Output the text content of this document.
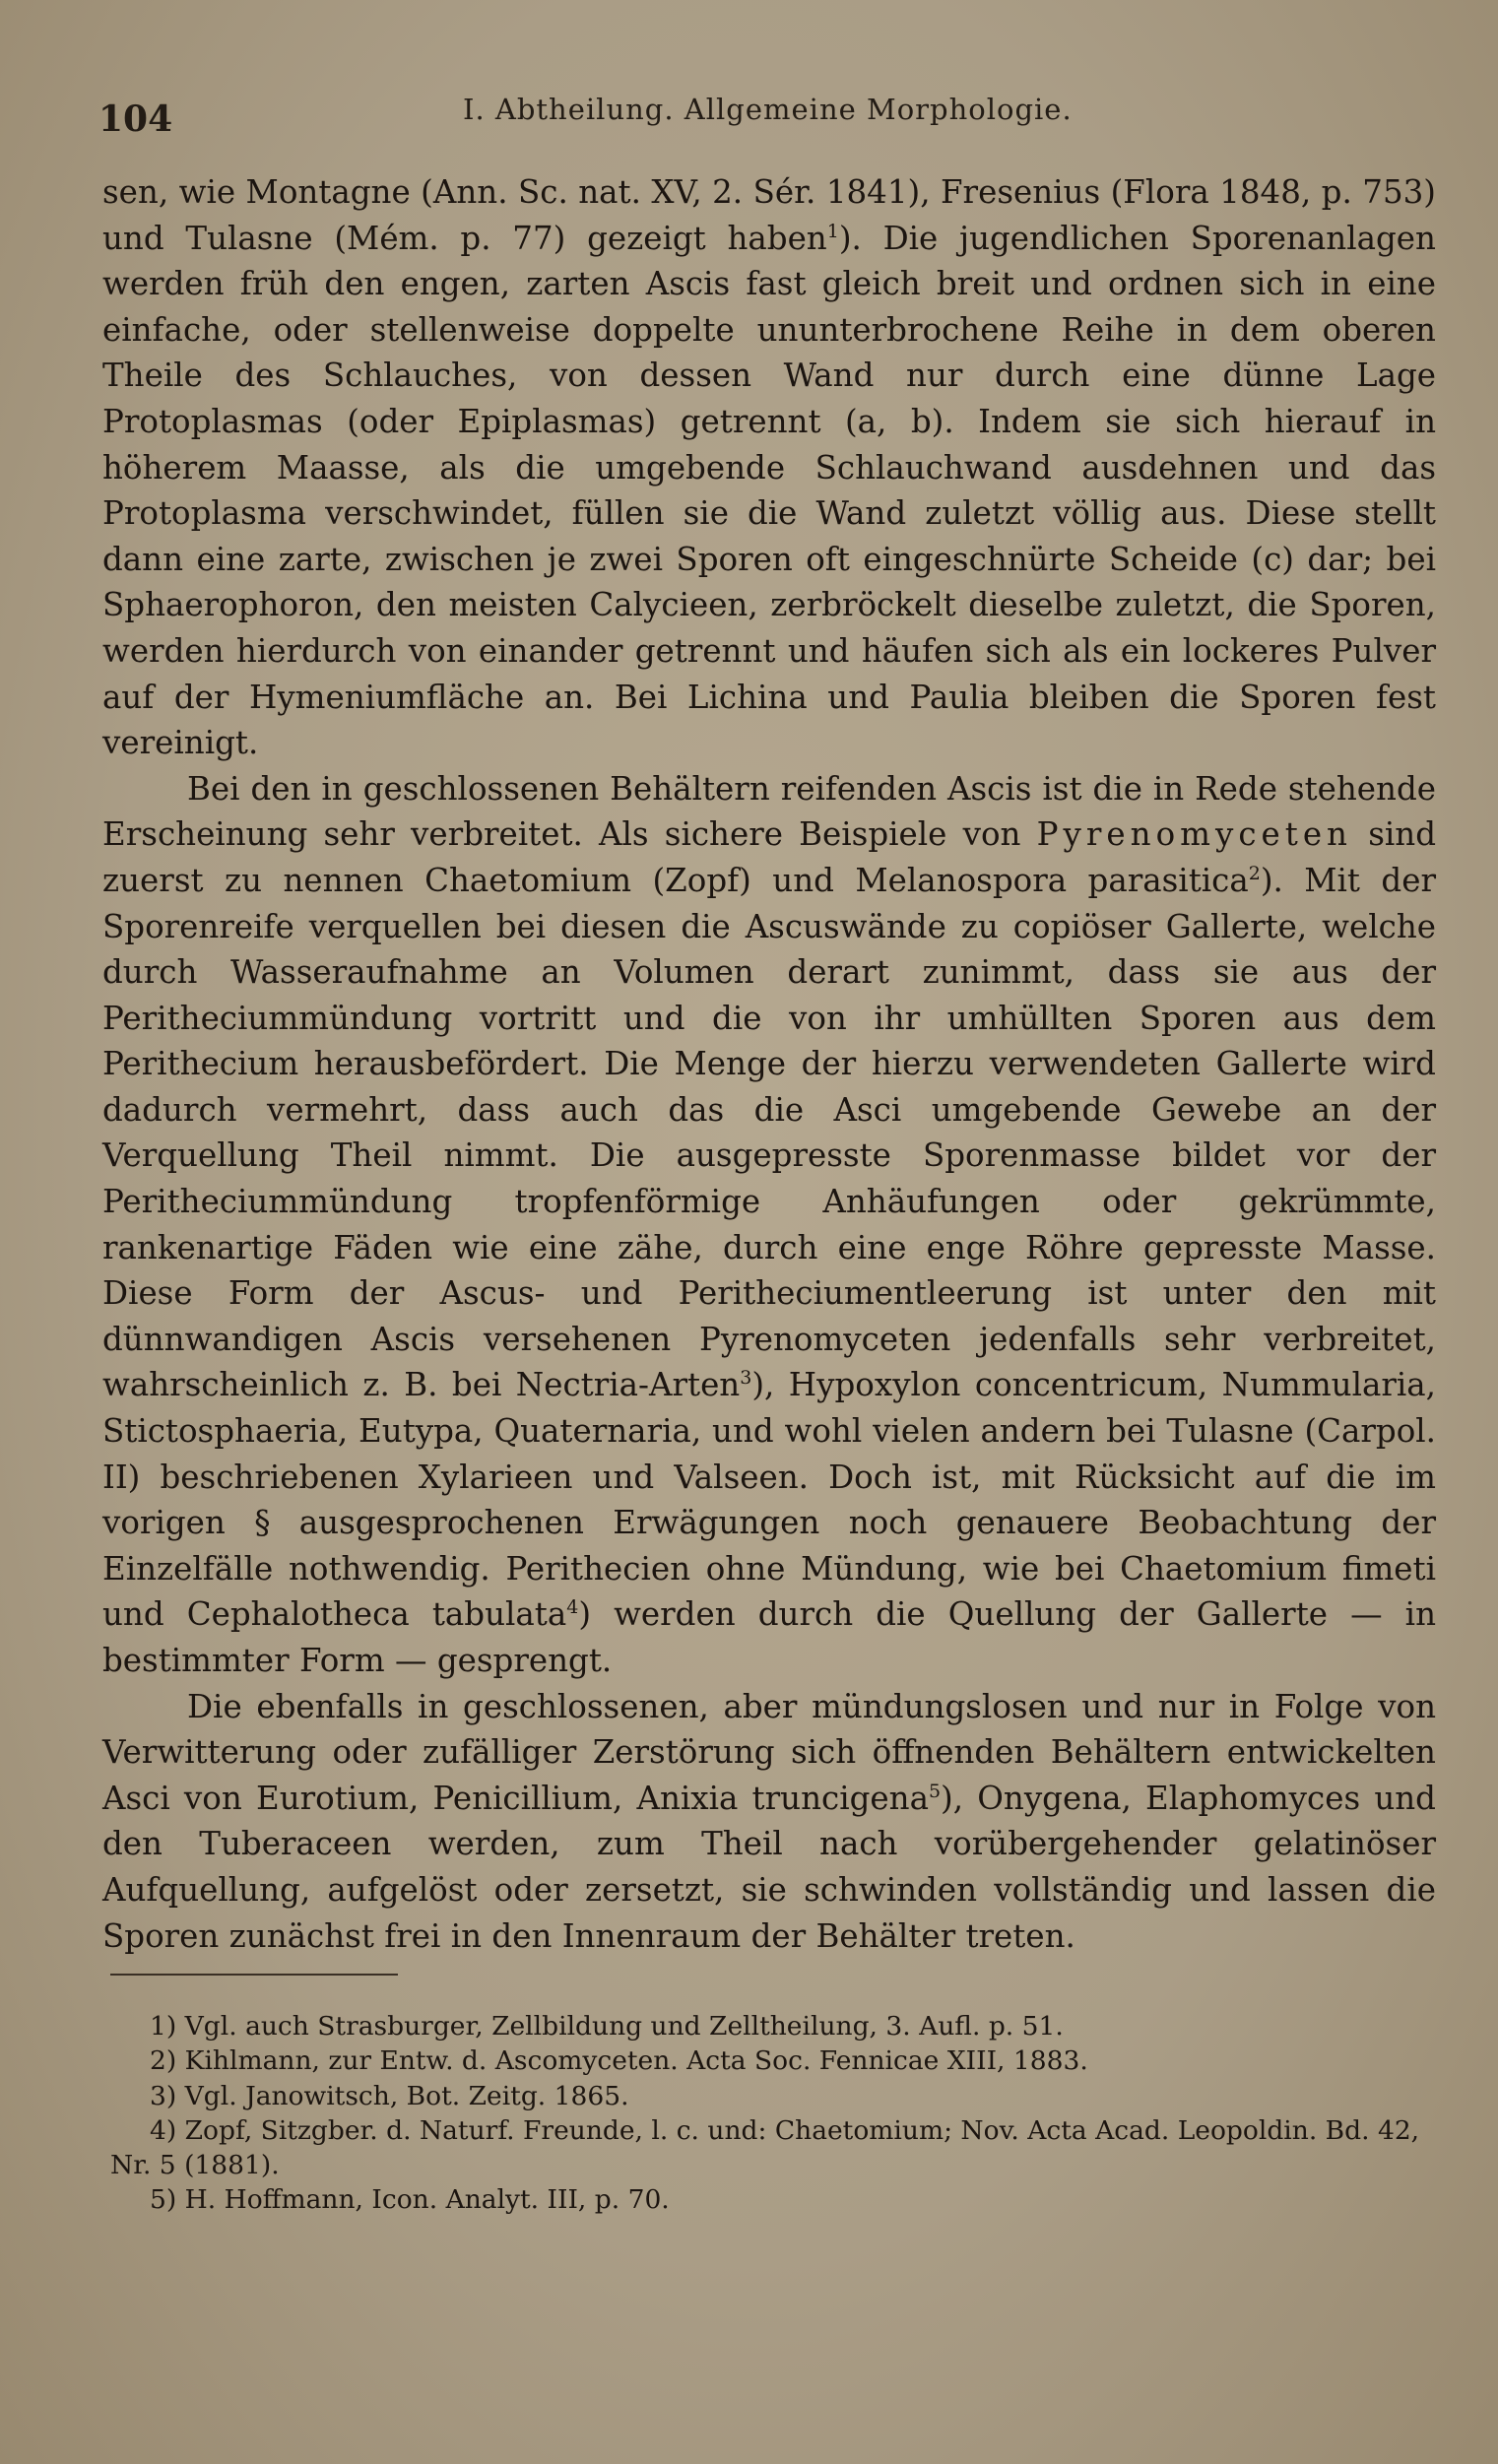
104	I. Abtheilung. Allgemeine Morphologie.

sen, wie Montagne (Ann. Sc. nat. XV, 2. Sér. 1841), Fresenius (Flora 1848, p. 753) und Tulasne (Mém. p. 77) gezeigt haben$^1$). Die jugendlichen Sporenanlagen werden früh den engen, zarten Ascis fast gleich breit und ordnen sich in eine einfache, oder stellenweise doppelte ununterbrochene Reihe in dem oberen Theile des Schlauches, von dessen Wand nur durch eine dünne Lage Protoplasmas (oder Epiplasmas) getrennt (a, b). Indem sie sich hierauf in höherem Maasse, als die umgebende Schlauchwand ausdehnen und das Protoplasma verschwindet, füllen sie die Wand zuletzt völlig aus. Diese stellt dann eine zarte, zwischen je zwei Sporen oft eingeschnürte Scheide (c) dar; bei Sphaerophoron, den meisten Calycieen, zerbröckelt dieselbe zuletzt, die Sporen, werden hierdurch von einander getrennt und häufen sich als ein lockeres Pulver auf der Hymeniumfläche an. Bei Lichina und Paulia bleiben die Sporen fest vereinigt.

Bei den in geschlossenen Behältern reifenden Ascis ist die in Rede stehende Erscheinung sehr verbreitet. Als sichere Beispiele von Pyrenomyceten sind zuerst zu nennen Chaetomium (Zopf) und Melanospora parasitica$^2$). Mit der Sporenreife verquellen bei diesen die Ascuswände zu copiöser Gallerte, welche durch Wasseraufnahme an Volumen derart zunimmt, dass sie aus der Peritheciummündung vortritt und die von ihr umhüllten Sporen aus dem Perithecium herausbefördert. Die Menge der hierzu verwendeten Gallerte wird dadurch vermehrt, dass auch das die Asci umgebende Gewebe an der Verquellung Theil nimmt. Die ausgepresste Sporenmasse bildet vor der Peritheciummündung tropfenförmige Anhäufungen oder gekrümmte, rankenartige Fäden wie eine zähe, durch eine enge Röhre gepresste Masse. Diese Form der Ascus- und Peritheciumentleerung ist unter den mit dünnwandigen Ascis versehenen Pyrenomyceten jedenfalls sehr verbreitet, wahrscheinlich z. B. bei Nectria-Arten$^3$), Hypoxylon concentricum, Nummularia, Stictosphaeria, Eutypa, Quaternaria, und wohl vielen andern bei Tulasne (Carpol. II) beschriebenen Xylarieen und Valseen. Doch ist, mit Rücksicht auf die im vorigen § ausgesprochenen Erwägungen noch genauere Beobachtung der Einzelfälle nothwendig. Perithecien ohne Mündung, wie bei Chaetomium fimeti und Cephalotheca tabulata$^4$) werden durch die Quellung der Gallerte — in bestimmter Form — gesprengt.

Die ebenfalls in geschlossenen, aber mündungslosen und nur in Folge von Verwitterung oder zufälliger Zerstörung sich öffnenden Behältern entwickelten Asci von Eurotium, Penicillium, Anixia truncigena$^5$), Onygena, Elaphomyces und den Tuberaceen werden, zum Theil nach vorübergehender gelatinöser Aufquellung, aufgelöst oder zersetzt, sie schwinden vollständig und lassen die Sporen zunächst frei in den Innenraum der Behälter treten.

1) Vgl. auch Strasburger, Zellbildung und Zelltheilung, 3. Aufl. p. 51.

2) Kihlmann, zur Entw. d. Ascomyceten. Acta Soc. Fennicae XIII, 1883.

3) Vgl. Janowitsch, Bot. Zeitg. 1865.

4) Zopf, Sitzgber. d. Naturf. Freunde, l. c. und: Chaetomium; Nov. Acta Acad. Leopoldin. Bd. 42, Nr. 5 (1881).

5) H. Hoffmann, Icon. Analyt. III, p. 70.
